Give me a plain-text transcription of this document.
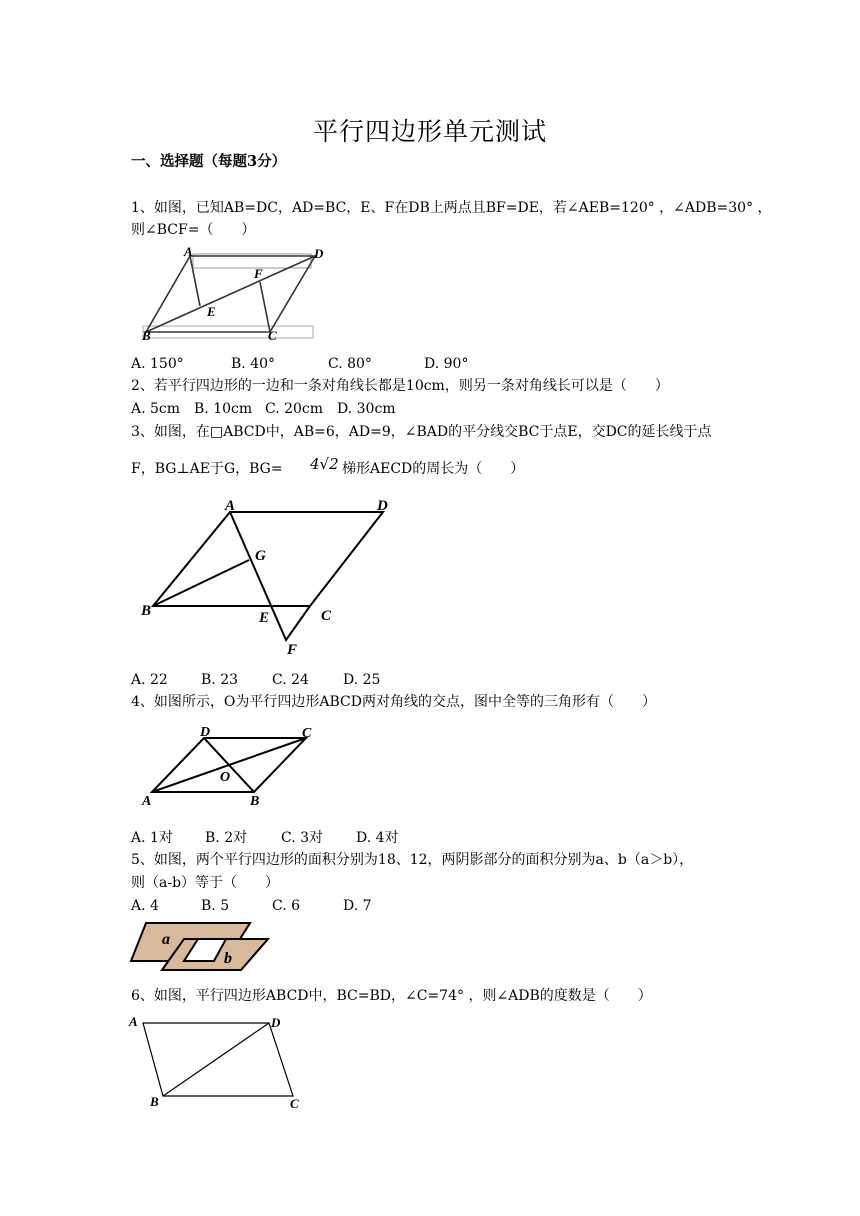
平行四边形单元测试
一、选择题（每题3分）
1、如图，已知AB=DC，AD=BC，E、F在DB上两点且BF=DE，若∠AEB=120° ，∠ADB=30° ，
则∠BCF=（　　）
A	D
F
E
B	C
A. 150°	B. 40°	C. 80°	D. 90°
2、若平行四边形的一边和一条对角线长都是10cm，则另一条对角线长可以是（　　）
A. 5cm B. 10cm C. 20cm D. 30cm
3、如图，在□ABCD中，AB=6，AD=9，∠BAD的平分线交BC于点E，交DC的延长线于点
F，BG⊥AE于G，BG= 4√2 梯形AECD的周长为（　　）
A	D
G
B	E	C
F
A. 22 B. 23 C. 24 D. 25
4、如图所示，O为平行四边形ABCD两对角线的交点，图中全等的三角形有（　　）
D	C
O
A	B
A. 1对 B. 2对 C. 3对 D. 4对
5、如图，两个平行四边形的面积分别为18、12，两阴影部分的面积分别为a、b（a＞b），
则（a-b）等于（　　）
A. 4	B. 5	C. 6	D. 7
a
b
6、如图，平行四边形ABCD中，BC=BD，∠C=74° ，则∠ADB的度数是（　　）
A	D
B	C
